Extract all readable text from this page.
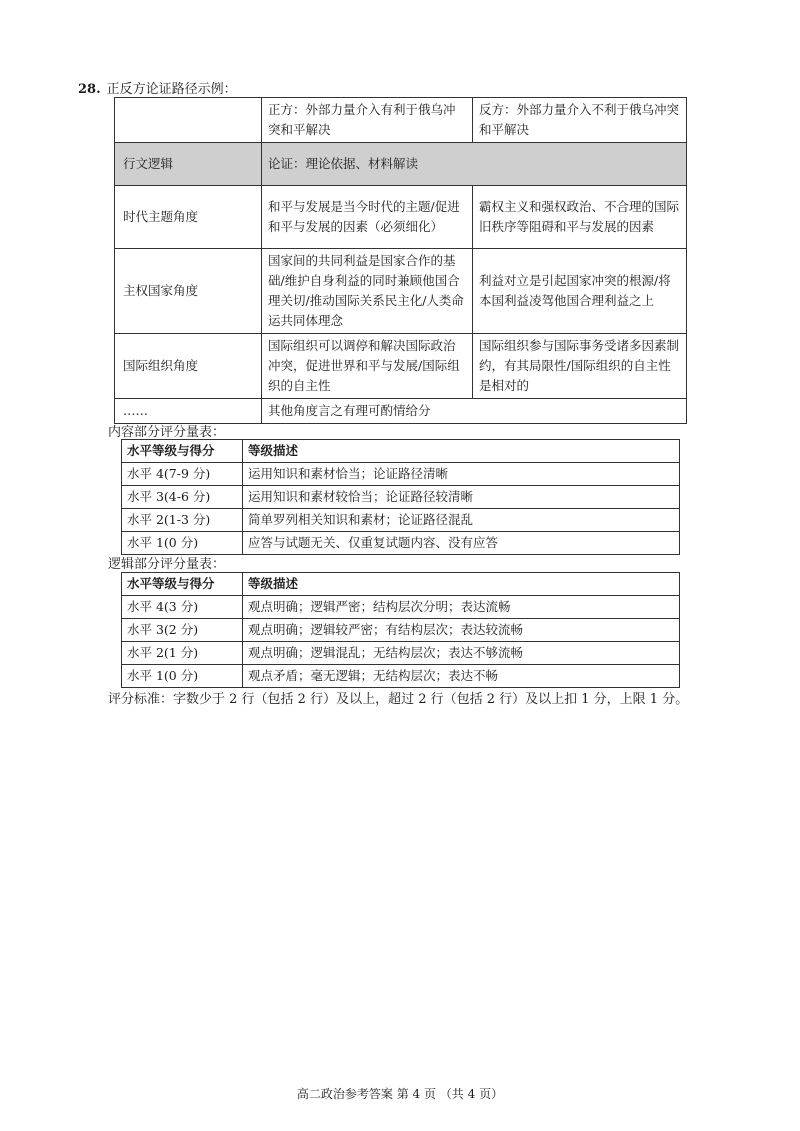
28. 正反方论证路径示例：
	正方：外部力量介入有利于俄乌冲突和平解决	反方：外部力量介入不利于俄乌冲突和平解决
行文逻辑	论证：理论依据、材料解读	
时代主题角度	和平与发展是当今时代的主题/促进和平与发展的因素（必须细化）	霸权主义和强权政治、不合理的国际旧秩序等阻碍和平与发展的因素
主权国家角度	国家间的共同利益是国家合作的基础/维护自身利益的同时兼顾他国合理关切/推动国际关系民主化/人类命运共同体理念	利益对立是引起国家冲突的根源/将本国利益凌驾他国合理利益之上
国际组织角度	国际组织可以调停和解决国际政治冲突，促进世界和平与发展/国际组织的自主性	国际组织参与国际事务受诸多因素制约，有其局限性/国际组织的自主性是相对的
……	其他角度言之有理可酌情给分	
内容部分评分量表：
水平等级与得分	等级描述
水平 4(7-9 分)	运用知识和素材恰当；论证路径清晰
水平 3(4-6 分)	运用知识和素材较恰当；论证路径较清晰
水平 2(1-3 分)	简单罗列相关知识和素材；论证路径混乱
水平 1(0 分)	应答与试题无关、仅重复试题内容、没有应答
逻辑部分评分量表：
水平等级与得分	等级描述
水平 4(3 分)	观点明确；逻辑严密；结构层次分明；表达流畅
水平 3(2 分)	观点明确；逻辑较严密；有结构层次；表达较流畅
水平 2(1 分)	观点明确；逻辑混乱；无结构层次；表达不够流畅
水平 1(0 分)	观点矛盾；毫无逻辑；无结构层次；表达不畅
评分标准：字数少于 2 行（包括 2 行）及以上，超过 2 行（包括 2 行）及以上扣 1 分，上限 1 分。
高二政治参考答案 第 4 页 （共 4 页）
